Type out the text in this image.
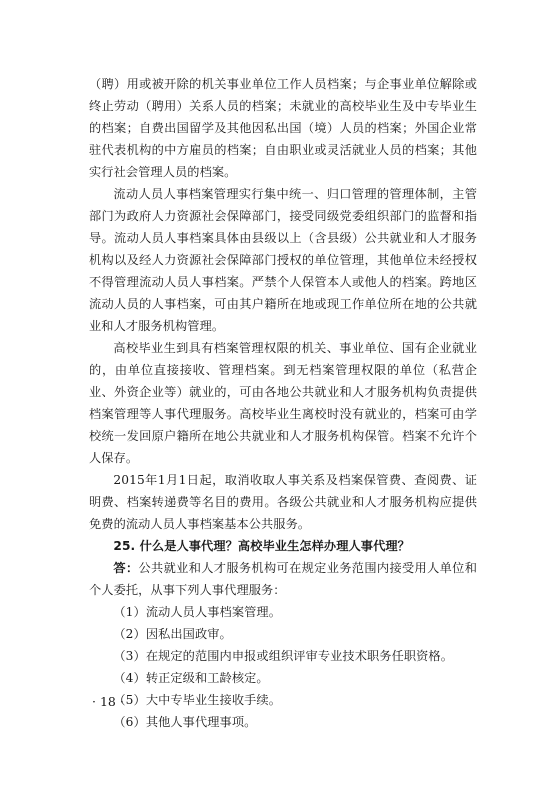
（聘）用或被开除的机关事业单位工作人员档案；与企事业单位解除或终止劳动（聘用）关系人员的档案；未就业的高校毕业生及中专毕业生的档案；自费出国留学及其他因私出国（境）人员的档案；外国企业常驻代表机构的中方雇员的档案；自由职业或灵活就业人员的档案；其他实行社会管理人员的档案。

流动人员人事档案管理实行集中统一、归口管理的管理体制，主管部门为政府人力资源社会保障部门，接受同级党委组织部门的监督和指导。流动人员人事档案具体由县级以上（含县级）公共就业和人才服务机构以及经人力资源社会保障部门授权的单位管理，其他单位未经授权不得管理流动人员人事档案。严禁个人保管本人或他人的档案。跨地区流动人员的人事档案，可由其户籍所在地或现工作单位所在地的公共就业和人才服务机构管理。

高校毕业生到具有档案管理权限的机关、事业单位、国有企业就业的，由单位直接接收、管理档案。到无档案管理权限的单位（私营企业、外资企业等）就业的，可由各地公共就业和人才服务机构负责提供档案管理等人事代理服务。高校毕业生离校时没有就业的，档案可由学校统一发回原户籍所在地公共就业和人才服务机构保管。档案不允许个人保存。

2015年1月1日起，取消收取人事关系及档案保管费、查阅费、证明费、档案转递费等名目的费用。各级公共就业和人才服务机构应提供免费的流动人员人事档案基本公共服务。

25. 什么是人事代理？高校毕业生怎样办理人事代理？

答：公共就业和人才服务机构可在规定业务范围内接受用人单位和个人委托，从事下列人事代理服务：

（1）流动人员人事档案管理。

（2）因私出国政审。

（3）在规定的范围内申报或组织评审专业技术职务任职资格。

（4）转正定级和工龄核定。

（5）大中专毕业生接收手续。

（6）其他人事代理事项。

· 18 ·
